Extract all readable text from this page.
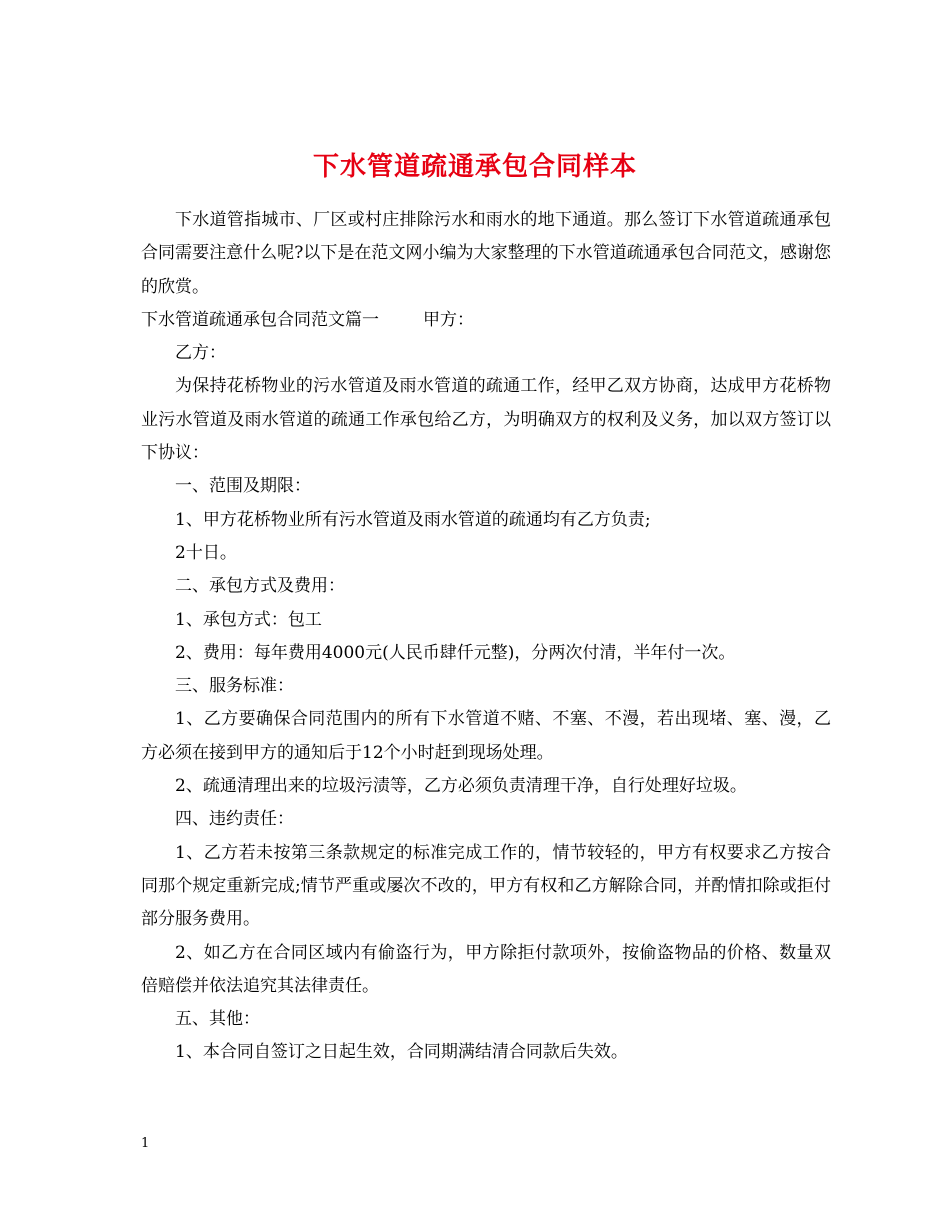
下水管道疏通承包合同样本

下水道管指城市、厂区或村庄排除污水和雨水的地下通道。那么签订下水管道疏通承包合同需要注意什么呢?以下是在范文网小编为大家整理的下水管道疏通承包合同范文，感谢您的欣赏。

下水管道疏通承包合同范文篇一	甲方：

乙方：

为保持花桥物业的污水管道及雨水管道的疏通工作，经甲乙双方协商，达成甲方花桥物业污水管道及雨水管道的疏通工作承包给乙方，为明确双方的权利及义务，加以双方签订以下协议：

一、范围及期限：

1、甲方花桥物业所有污水管道及雨水管道的疏通均有乙方负责;

2十日。

二、承包方式及费用：

1、承包方式：包工

2、费用：每年费用4000元(人民币肆仟元整)，分两次付清，半年付一次。

三、服务标准：

1、乙方要确保合同范围内的所有下水管道不赌、不塞、不漫，若出现堵、塞、漫，乙方必须在接到甲方的通知后于12个小时赶到现场处理。

2、疏通清理出来的垃圾污渍等，乙方必须负责清理干净，自行处理好垃圾。

四、违约责任：

1、乙方若未按第三条款规定的标准完成工作的，情节较轻的，甲方有权要求乙方按合同那个规定重新完成;情节严重或屡次不改的，甲方有权和乙方解除合同，并酌情扣除或拒付部分服务费用。

2、如乙方在合同区域内有偷盗行为，甲方除拒付款项外，按偷盗物品的价格、数量双倍赔偿并依法追究其法律责任。

五、其他：

1、本合同自签订之日起生效，合同期满结清合同款后失效。

1
